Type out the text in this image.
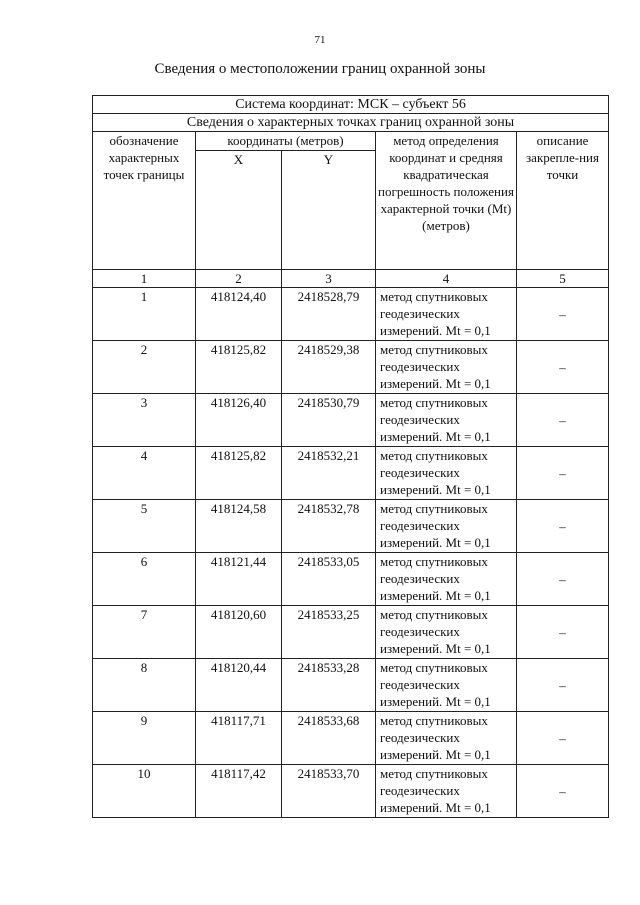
71
Сведения о местоположении границ охранной зоны
Система координат: МСК – субъект 56				
Сведения о характерных точках границ охранной зоны				
обозначение характерных точек границы	координаты (метров)		метод определения координат и средняя квадратическая погрешность положения характерной точки (Mt) (метров)	описание закрепле-ния точки
	X	Y		
1	2	3	4	5
1	418124,40	2418528,79	метод спутниковых геодезических измерений. Mt = 0,1	–
2	418125,82	2418529,38	метод спутниковых геодезических измерений. Mt = 0,1	–
3	418126,40	2418530,79	метод спутниковых геодезических измерений. Mt = 0,1	–
4	418125,82	2418532,21	метод спутниковых геодезических измерений. Mt = 0,1	–
5	418124,58	2418532,78	метод спутниковых геодезических измерений. Mt = 0,1	–
6	418121,44	2418533,05	метод спутниковых геодезических измерений. Mt = 0,1	–
7	418120,60	2418533,25	метод спутниковых геодезических измерений. Mt = 0,1	–
8	418120,44	2418533,28	метод спутниковых геодезических измерений. Mt = 0,1	–
9	418117,71	2418533,68	метод спутниковых геодезических измерений. Mt = 0,1	–
10	418117,42	2418533,70	метод спутниковых геодезических измерений. Mt = 0,1	–
